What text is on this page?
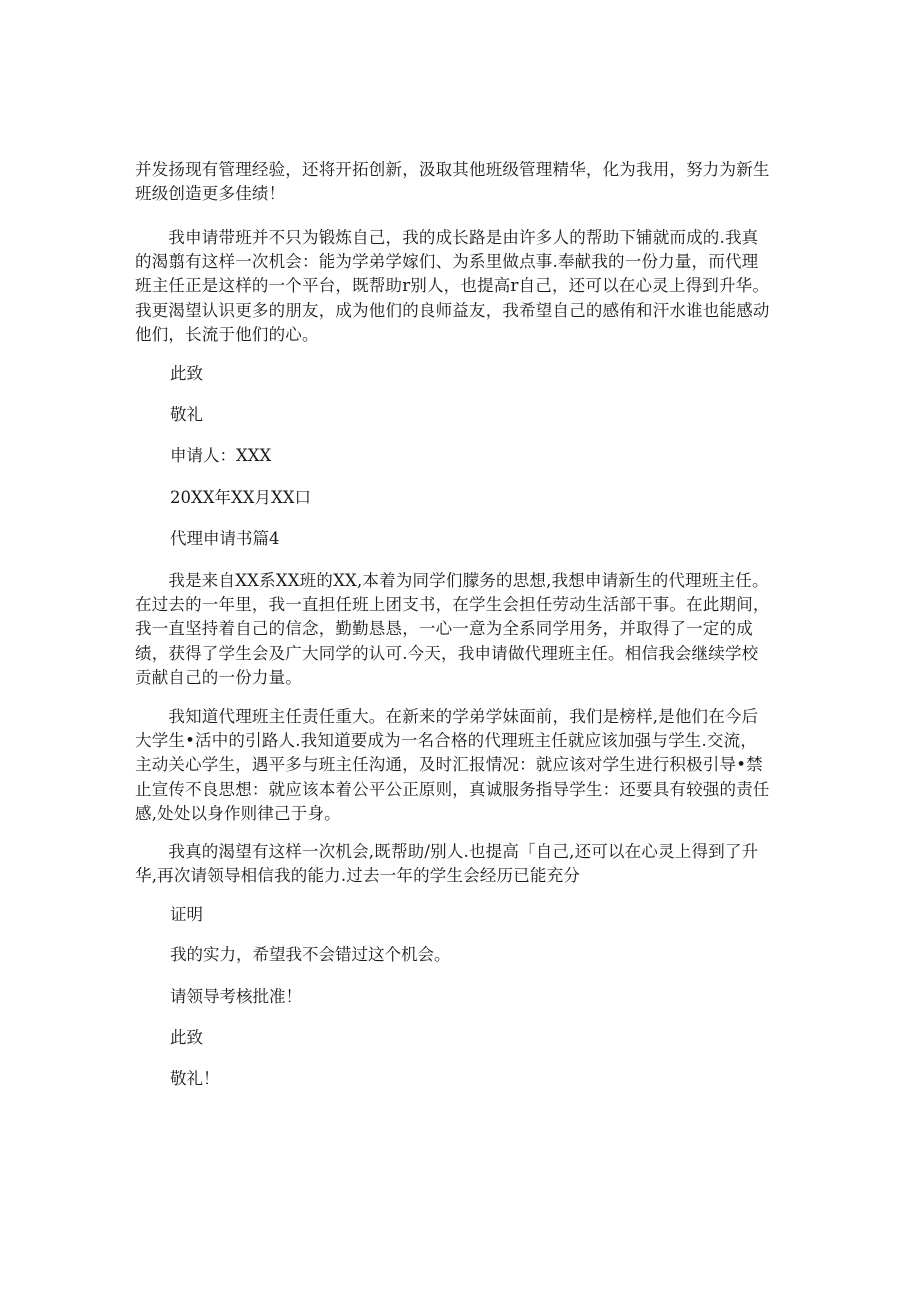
并发扬现有管理经验，还将开拓创新，汲取其他班级管理精华，化为我用，努力为新生
班级创造更多佳绩！
　　我申请带班并不只为锻炼自己，我的成长路是由许多人的帮助下铺就而成的.我真
的渴翦有这样一次机会：能为学弟学嫁们、为系里做点事.奉献我的一份力量，而代理
班主任正是这样的一个平台，既帮助r别人，也提高r自己，还可以在心灵上得到升华。
我更渴望认识更多的朋友，成为他们的良师益友，我希望自己的感侑和汗水谁也能感动
他们，长流于他们的心。
此致
敬礼
申请人：XXX
20XX年XX月XX口
代理申请书篇4
　　我是来自XX系XX班的XX,本着为同学们朦务的思想,我想申请新生的代理班主任。
在过去的一年里，我一直担任班上团支书，在学生会担任劳动生活部干事。在此期间，
我一直坚持着自己的信念，勤勤恳恳，一心一意为全系同学用务，并取得了一定的成
绩，获得了学生会及广大同学的认可.今天，我申请做代理班主任。相信我会继续学校
贡献自己的一份力量。
　　我知道代理班主任责任重大。在新来的学弟学妹面前，我们是榜样,是他们在今后
大学生•活中的引路人.我知道要成为一名合格的代理班主任就应该加强与学生.交流，
主动关心学生，遇平多与班主任沟通，及时汇报情况：就应该对学生进行积极引导•禁
止宣传不良思想：就应该本着公平公正原则，真诚服务指导学生：还要具有较强的责任
感,处处以身作则律己于身。
　　我真的渴望有这样一次机会,既帮助/别人.也提高「自己,还可以在心灵上得到了升
华,再次请领导相信我的能力.过去一年的学生会经历已能充分
证明
我的实力，希望我不会错过这个机会。
请领导考核批准！
此致
敬礼！
